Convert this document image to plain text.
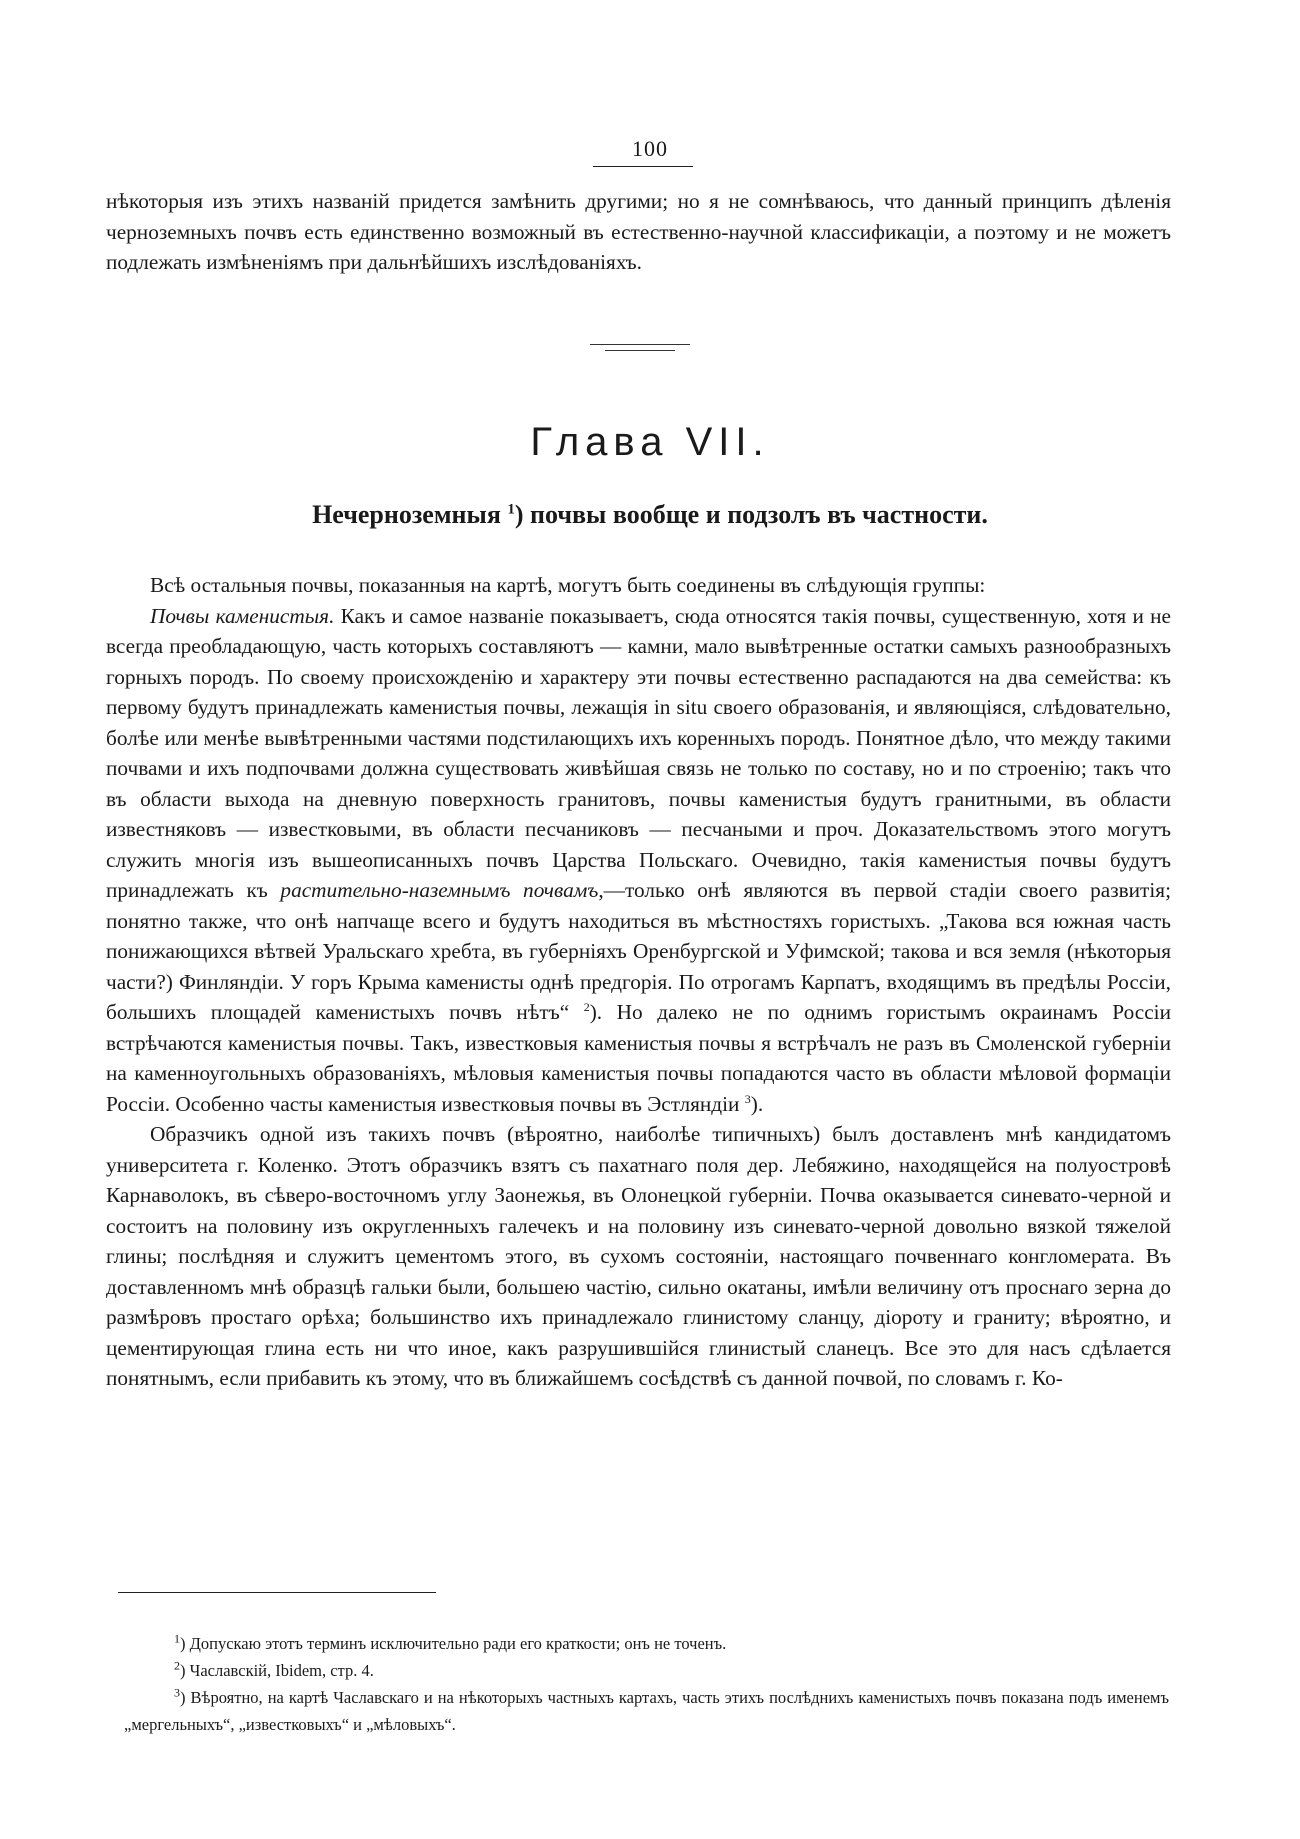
100

нѣкоторыя изъ этихъ названій придется замѣнить другими; но я не сомнѣваюсь, что данный принципъ дѣленія черноземныхъ почвъ есть единственно возможный въ естественно-научной классификаціи, а поэтому и не можетъ подлежать измѣненіямъ при дальнѣйшихъ изслѣдованіяхъ.

Глава VII.
Нечерноземныя $^1$) почвы вообще и подзолъ въ частности.

Всѣ остальныя почвы, показанныя на картѣ, могутъ быть соединены въ слѣдующія группы:

Почвы каменистыя. Какъ и самое названіе показываетъ, сюда относятся такія почвы, существенную, хотя и не всегда преобладающую, часть которыхъ составляютъ — камни, мало вывѣтренные остатки самыхъ разнообразныхъ горныхъ породъ. По своему происхожденію и характеру эти почвы естественно распадаются на два семейства: къ первому будутъ принадлежать каменистыя почвы, лежащія in situ своего образованія, и являющіяся, слѣдовательно, болѣе или менѣе вывѣтренными частями подстилающихъ ихъ коренныхъ породъ. Понятное дѣло, что между такими почвами и ихъ подпочвами должна существовать живѣйшая связь не только по составу, но и по строенію; такъ что въ области выхода на дневную поверхность гранитовъ, почвы каменистыя будутъ гранитными, въ области известняковъ — известковыми, въ области песчаниковъ — песчаными и проч. Доказательствомъ этого могутъ служить многія изъ вышеописанныхъ почвъ Царства Польскаго. Очевидно, такія каменистыя почвы будутъ принадлежать къ растительно-наземнымъ почвамъ,—только онѣ являются въ первой стадіи своего развитія; понятно также, что онѣ напчаще всего и будутъ находиться въ мѣстностяхъ гористыхъ. „Такова вся южная часть понижающихся вѣтвей Уральскаго хребта, въ губерніяхъ Оренбургской и Уфимской; такова и вся земля (нѣкоторыя части?) Финляндіи. У горъ Крыма каменисты однѣ предгорія. По отрогамъ Карпатъ, входящимъ въ предѣлы Россіи, большихъ площадей каменистыхъ почвъ нѣтъ“ $^2$). Но далеко не по однимъ гористымъ окраинамъ Россіи встрѣчаются каменистыя почвы. Такъ, известковыя каменистыя почвы я встрѣчалъ не разъ въ Смоленской губерніи на каменноугольныхъ образованіяхъ, мѣловыя каменистыя почвы попадаются часто въ области мѣловой формаціи Россіи. Особенно часты каменистыя известковыя почвы въ Эстляндіи $^3$).

Образчикъ одной изъ такихъ почвъ (вѣроятно, наиболѣе типичныхъ) былъ доставленъ мнѣ кандидатомъ университета г. Коленко. Этотъ образчикъ взятъ съ пахатнаго поля дер. Лебяжино, находящейся на полуостровѣ Карнаволокъ, въ сѣверо-восточномъ углу Заонежья, въ Олонецкой губерніи. Почва оказывается синевато-черной и состоитъ на половину изъ округленныхъ галечекъ и на половину изъ синевато-черной довольно вязкой тяжелой глины; послѣдняя и служитъ цементомъ этого, въ сухомъ состояніи, настоящаго почвеннаго конгломерата. Въ доставленномъ мнѣ образцѣ гальки были, большею частію, сильно окатаны, имѣли величину отъ проснаго зерна до размѣровъ простаго орѣха; большинство ихъ принадлежало глинистому сланцу, діороту и граниту; вѣроятно, и цементирующая глина есть ни что иное, какъ разрушившійся глинистый сланецъ. Все это для насъ сдѣлается понятнымъ, если прибавить къ этому, что въ ближайшемъ сосѣдствѣ съ данной почвой, по словамъ г. Ко-

$^1$) Допускаю этотъ терминъ исключительно ради его краткости; онъ не точенъ.

$^2$) Чаславскій, Ibidem, стр. 4.

$^3$) Вѣроятно, на картѣ Чаславскаго и на нѣкоторыхъ частныхъ картахъ, часть этихъ послѣднихъ каменистыхъ почвъ показана подъ именемъ „мергельныхъ“, „известковыхъ“ и „мѣловыхъ“.
